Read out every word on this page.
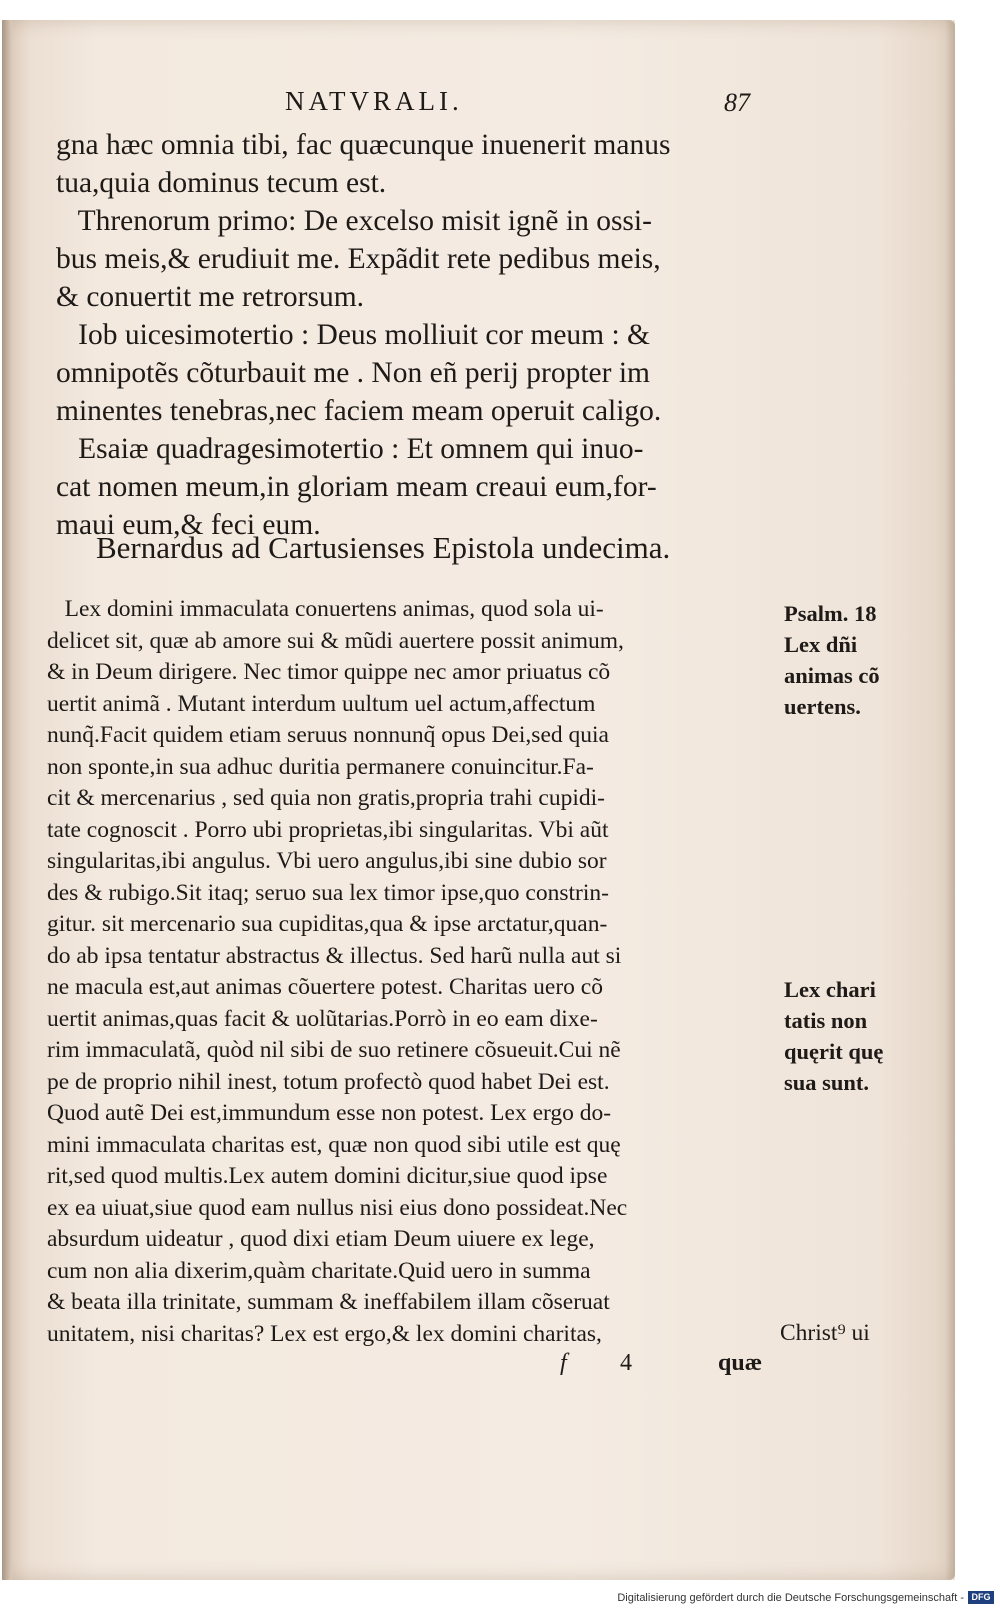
NATVRALI.	87
gna hæc omnia tibi, fac quæcunque inuenerit manus
tua,quia dominus tecum est.
Threnorum primo: De excelso misit ignẽ in ossi-
bus meis,& erudiuit me. Expãdit rete pedibus meis,
& conuertit me retrorsum.
Iob uicesimotertio : Deus molliuit cor meum : &
omnipotẽs cõturbauit me . Non eñ perij propter im
minentes tenebras,nec faciem meam operuit caligo.
Esaiæ quadragesimotertio : Et omnem qui inuo-
cat nomen meum,in gloriam meam creaui eum,for-
maui eum,& feci eum.
Bernardus ad Cartusienses Epistola undecima.
Lex domini immaculata conuertens animas, quod sola ui-
delicet sit, quæ ab amore sui & mũdi auertere possit animum,
& in Deum dirigere. Nec timor quippe nec amor priuatus cõ
uertit animã . Mutant interdum uultum uel actum,affectum
nunq̃.Facit quidem etiam seruus nonnunq̃ opus Dei,sed quia
non sponte,in sua adhuc duritia permanere conuincitur.Fa-
cit & mercenarius , sed quia non gratis,propria trahi cupidi-
tate cognoscit . Porro ubi proprietas,ibi singularitas. Vbi aũt
singularitas,ibi angulus. Vbi uero angulus,ibi sine dubio sor
des & rubigo.Sit itaq; seruo sua lex timor ipse,quo constrin-
gitur. sit mercenario sua cupiditas,qua & ipse arctatur,quan-
do ab ipsa tentatur abstractus & illectus. Sed harũ nulla aut si
ne macula est,aut animas cõuertere potest. Charitas uero cõ
uertit animas,quas facit & uolũtarias.Porrò in eo eam dixe-
rim immaculatã, quòd nil sibi de suo retinere cõsueuit.Cui nẽ
pe de proprio nihil inest, totum profectò quod habet Dei est.
Quod autẽ Dei est,immundum esse non potest. Lex ergo do-
mini immaculata charitas est, quæ non quod sibi utile est quę
rit,sed quod multis.Lex autem domini dicitur,siue quod ipse
ex ea uiuat,siue quod eam nullus nisi eius dono possideat.Nec
absurdum uideatur , quod dixi etiam Deum uiuere ex lege,
cum non alia dixerim,quàm charitate.Quid uero in summa
& beata illa trinitate, summam & ineffabilem illam cõseruat
unitatem, nisi charitas? Lex est ergo,& lex domini charitas,
Psalm. 18
Lex dñi
animas cõ
uertens.
Lex chari
tatis non
quęrit quę
sua sunt.
Christ⁹ ui
f 4	quæ
Digitalisierung gefördert durch die Deutsche Forschungsgemeinschaft - DFG
